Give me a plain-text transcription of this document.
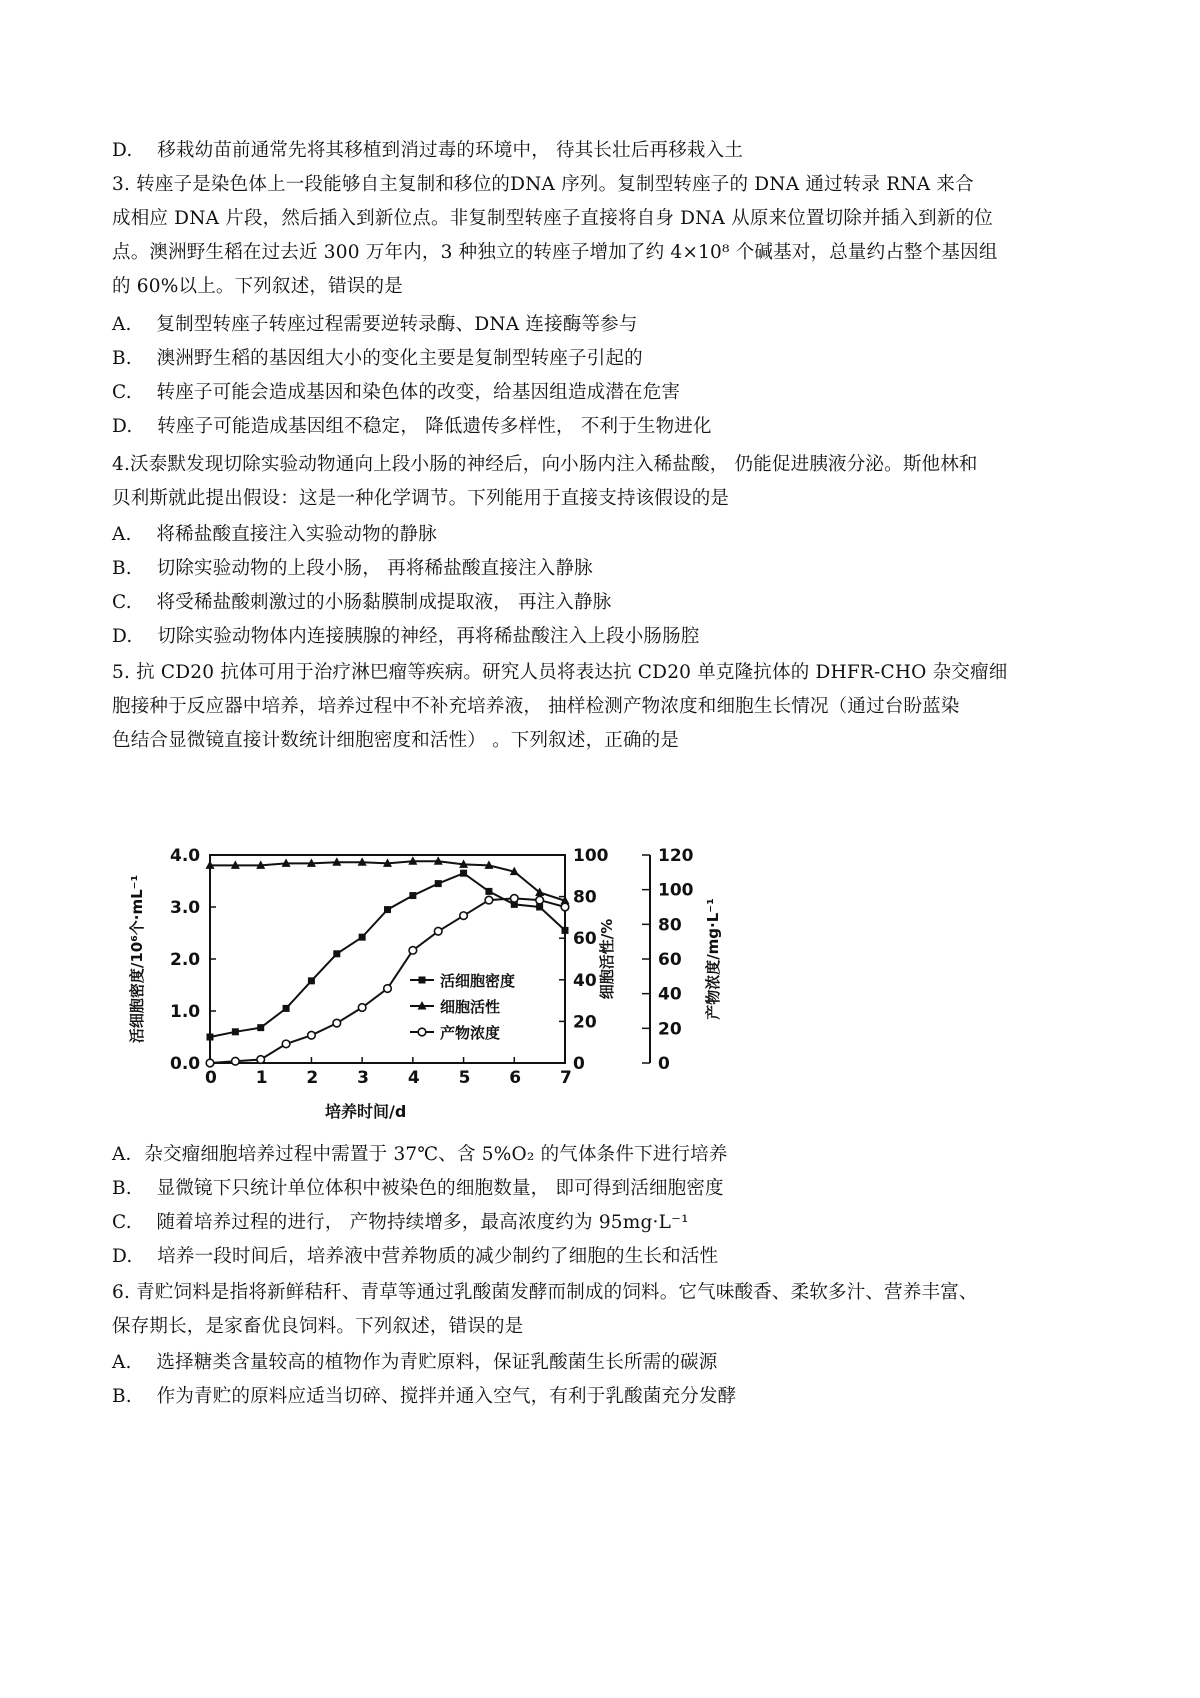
D.　 移栽幼苗前通常先将其移植到消过毒的环境中， 待其长壮后再移栽入土
3. 转座子是染色体上一段能够自主复制和移位的DNA 序列。复制型转座子的 DNA 通过转录 RNA 来合
成相应 DNA 片段，然后插入到新位点。非复制型转座子直接将自身 DNA 从原来位置切除并插入到新的位
点。澳洲野生稻在过去近 300 万年内，3 种独立的转座子增加了约 4×10⁸ 个碱基对，总量约占整个基因组
的 60%以上。下列叙述，错误的是
A.　 复制型转座子转座过程需要逆转录酶、DNA 连接酶等参与
B.　 澳洲野生稻的基因组大小的变化主要是复制型转座子引起的
C.　 转座子可能会造成基因和染色体的改变，给基因组造成潜在危害
D.　 转座子可能造成基因组不稳定， 降低遗传多样性， 不利于生物进化
4.沃泰默发现切除实验动物通向上段小肠的神经后，向小肠内注入稀盐酸， 仍能促进胰液分泌。斯他林和
贝利斯就此提出假设：这是一种化学调节。下列能用于直接支持该假设的是
A.　 将稀盐酸直接注入实验动物的静脉
B.　 切除实验动物的上段小肠， 再将稀盐酸直接注入静脉
C.　 将受稀盐酸刺激过的小肠黏膜制成提取液， 再注入静脉
D.　 切除实验动物体内连接胰腺的神经，再将稀盐酸注入上段小肠肠腔
5. 抗 CD20 抗体可用于治疗淋巴瘤等疾病。研究人员将表达抗 CD20 单克隆抗体的 DHFR-CHO 杂交瘤细
胞接种于反应器中培养，培养过程中不补充培养液， 抽样检测产物浓度和细胞生长情况（通过台盼蓝染
色结合显微镜直接计数统计细胞密度和活性） 。下列叙述，正确的是
0 1 2 3 4 5 6 7
0.0
1.0
2.0
3.0
4.0
0
20
40
60
80
100
0
20
40
60
80
100
120
活细胞密度/10⁶个·mL⁻¹	细胞活性/%	产物浓度/mg·L⁻¹
培养时间/d
活细胞密度
细胞活性
产物浓度
A．杂交瘤细胞培养过程中需置于 37℃、含 5%O₂ 的气体条件下进行培养
B.　 显微镜下只统计单位体积中被染色的细胞数量， 即可得到活细胞密度
C.　 随着培养过程的进行， 产物持续增多，最高浓度约为 95mg·L⁻¹
D.　 培养一段时间后，培养液中营养物质的减少制约了细胞的生长和活性
6. 青贮饲料是指将新鲜秸秆、青草等通过乳酸菌发酵而制成的饲料。它气味酸香、柔软多汁、营养丰富、
保存期长，是家畜优良饲料。下列叙述，错误的是
A.　 选择糖类含量较高的植物作为青贮原料，保证乳酸菌生长所需的碳源
B.　 作为青贮的原料应适当切碎、搅拌并通入空气，有利于乳酸菌充分发酵
